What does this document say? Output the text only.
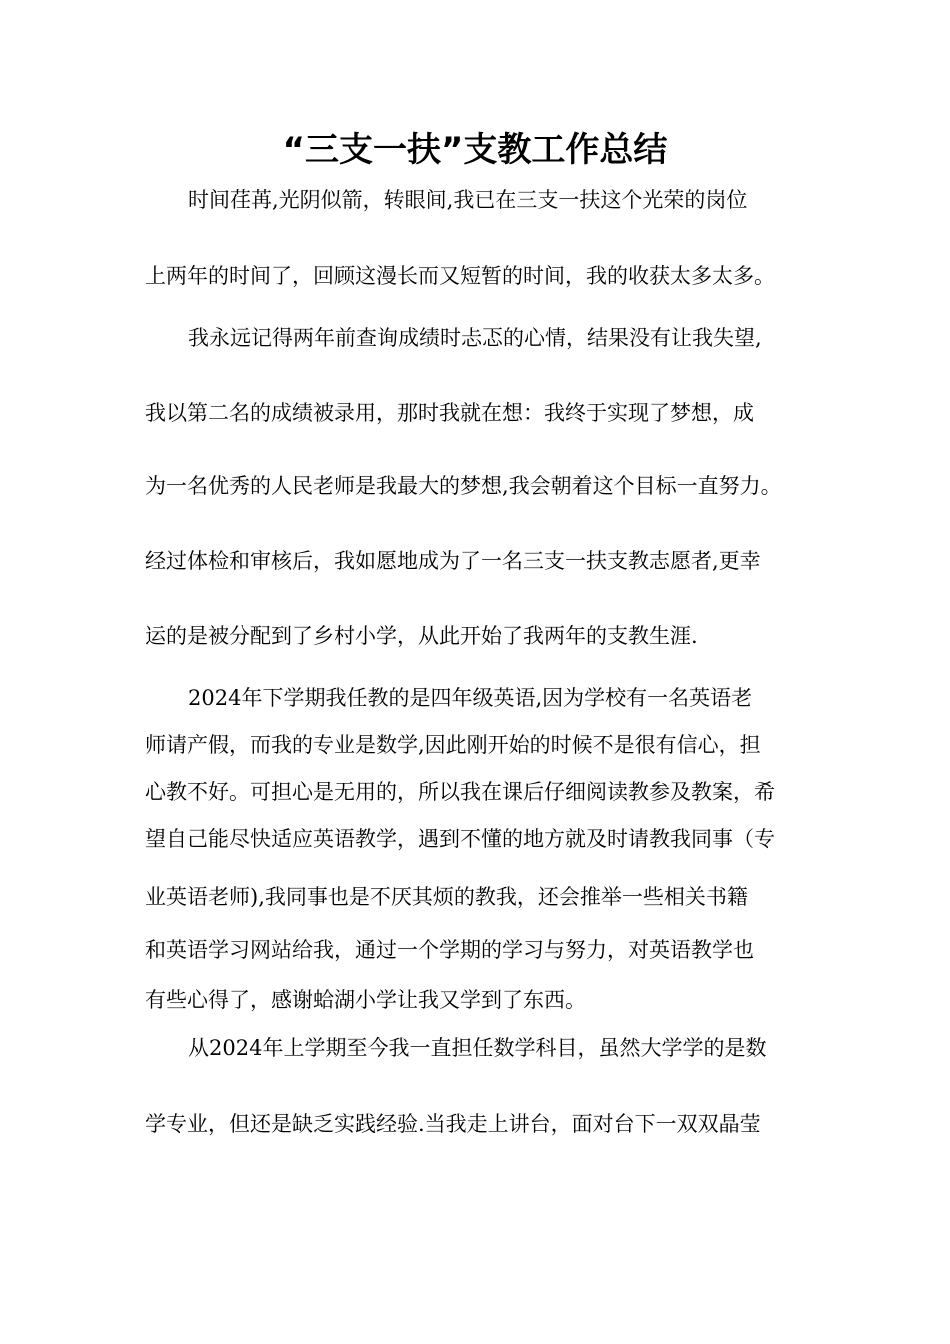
“三支一扶”支教工作总结
时间荏苒,光阴似箭，转眼间,我已在三支一扶这个光荣的岗位
上两年的时间了，回顾这漫长而又短暂的时间，我的收获太多太多。
我永远记得两年前查询成绩时忐忑的心情，结果没有让我失望,
我以第二名的成绩被录用，那时我就在想：我终于实现了梦想，成
为一名优秀的人民老师是我最大的梦想,我会朝着这个目标一直努力。
经过体检和审核后，我如愿地成为了一名三支一扶支教志愿者,更幸
运的是被分配到了乡村小学，从此开始了我两年的支教生涯.
2024年下学期我任教的是四年级英语,因为学校有一名英语老
师请产假，而我的专业是数学,因此刚开始的时候不是很有信心，担
心教不好。可担心是无用的，所以我在课后仔细阅读教参及教案，希
望自己能尽快适应英语教学，遇到不懂的地方就及时请教我同事（专
业英语老师),我同事也是不厌其烦的教我，还会推举一些相关书籍
和英语学习网站给我，通过一个学期的学习与努力，对英语教学也
有些心得了，感谢蛤湖小学让我又学到了东西。
从2024年上学期至今我一直担任数学科目，虽然大学学的是数
学专业，但还是缺乏实践经验.当我走上讲台，面对台下一双双晶莹
